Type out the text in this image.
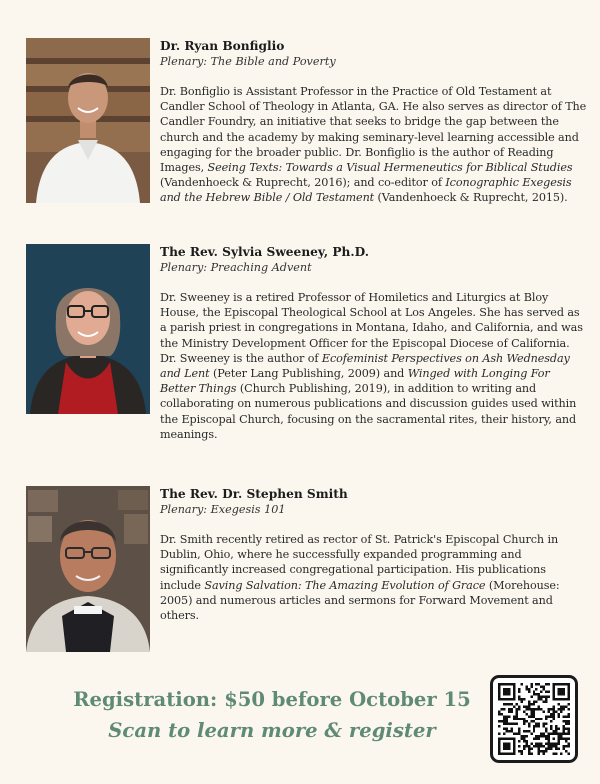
Dr. Ryan Bonfiglio

Plenary: The Bible and Poverty

Dr. Bonfiglio is Assistant Professor in the Practice of Old Testament at Candler School of Theology in Atlanta, GA. He also serves as director of The Candler Foundry, an initiative that seeks to bridge the gap between the church and the academy by making seminary-level learning accessible and engaging for the broader public. Dr. Bonfiglio is the author of Reading Images, Seeing Texts: Towards a Visual Hermeneutics for Biblical Studies (Vandenhoeck & Ruprecht, 2016); and co-editor of Iconographic Exegesis and the Hebrew Bible / Old Testament (Vandenhoeck & Ruprecht, 2015).

The Rev. Sylvia Sweeney, Ph.D.

Plenary: Preaching Advent

Dr. Sweeney is a retired Professor of Homiletics and Liturgics at Bloy House, the Episcopal Theological School at Los Angeles. She has served as a parish priest in congregations in Montana, Idaho, and California, and was the Ministry Development Officer for the Episcopal Diocese of California. Dr. Sweeney is the author of Ecofeminist Perspectives on Ash Wednesday and Lent (Peter Lang Publishing, 2009) and Winged with Longing For Better Things (Church Publishing, 2019), in addition to writing and collaborating on numerous publications and discussion guides used within the Episcopal Church, focusing on the sacramental rites, their history, and meanings.

The Rev. Dr. Stephen Smith

Plenary: Exegesis 101

Dr. Smith recently retired as rector of St. Patrick's Episcopal Church in Dublin, Ohio, where he successfully expanded programming and significantly increased congregational participation. His publications include Saving Salvation: The Amazing Evolution of Grace (Morehouse: 2005) and numerous articles and sermons for Forward Movement and others.

Registration: $50 before October 15

Scan to learn more & register
